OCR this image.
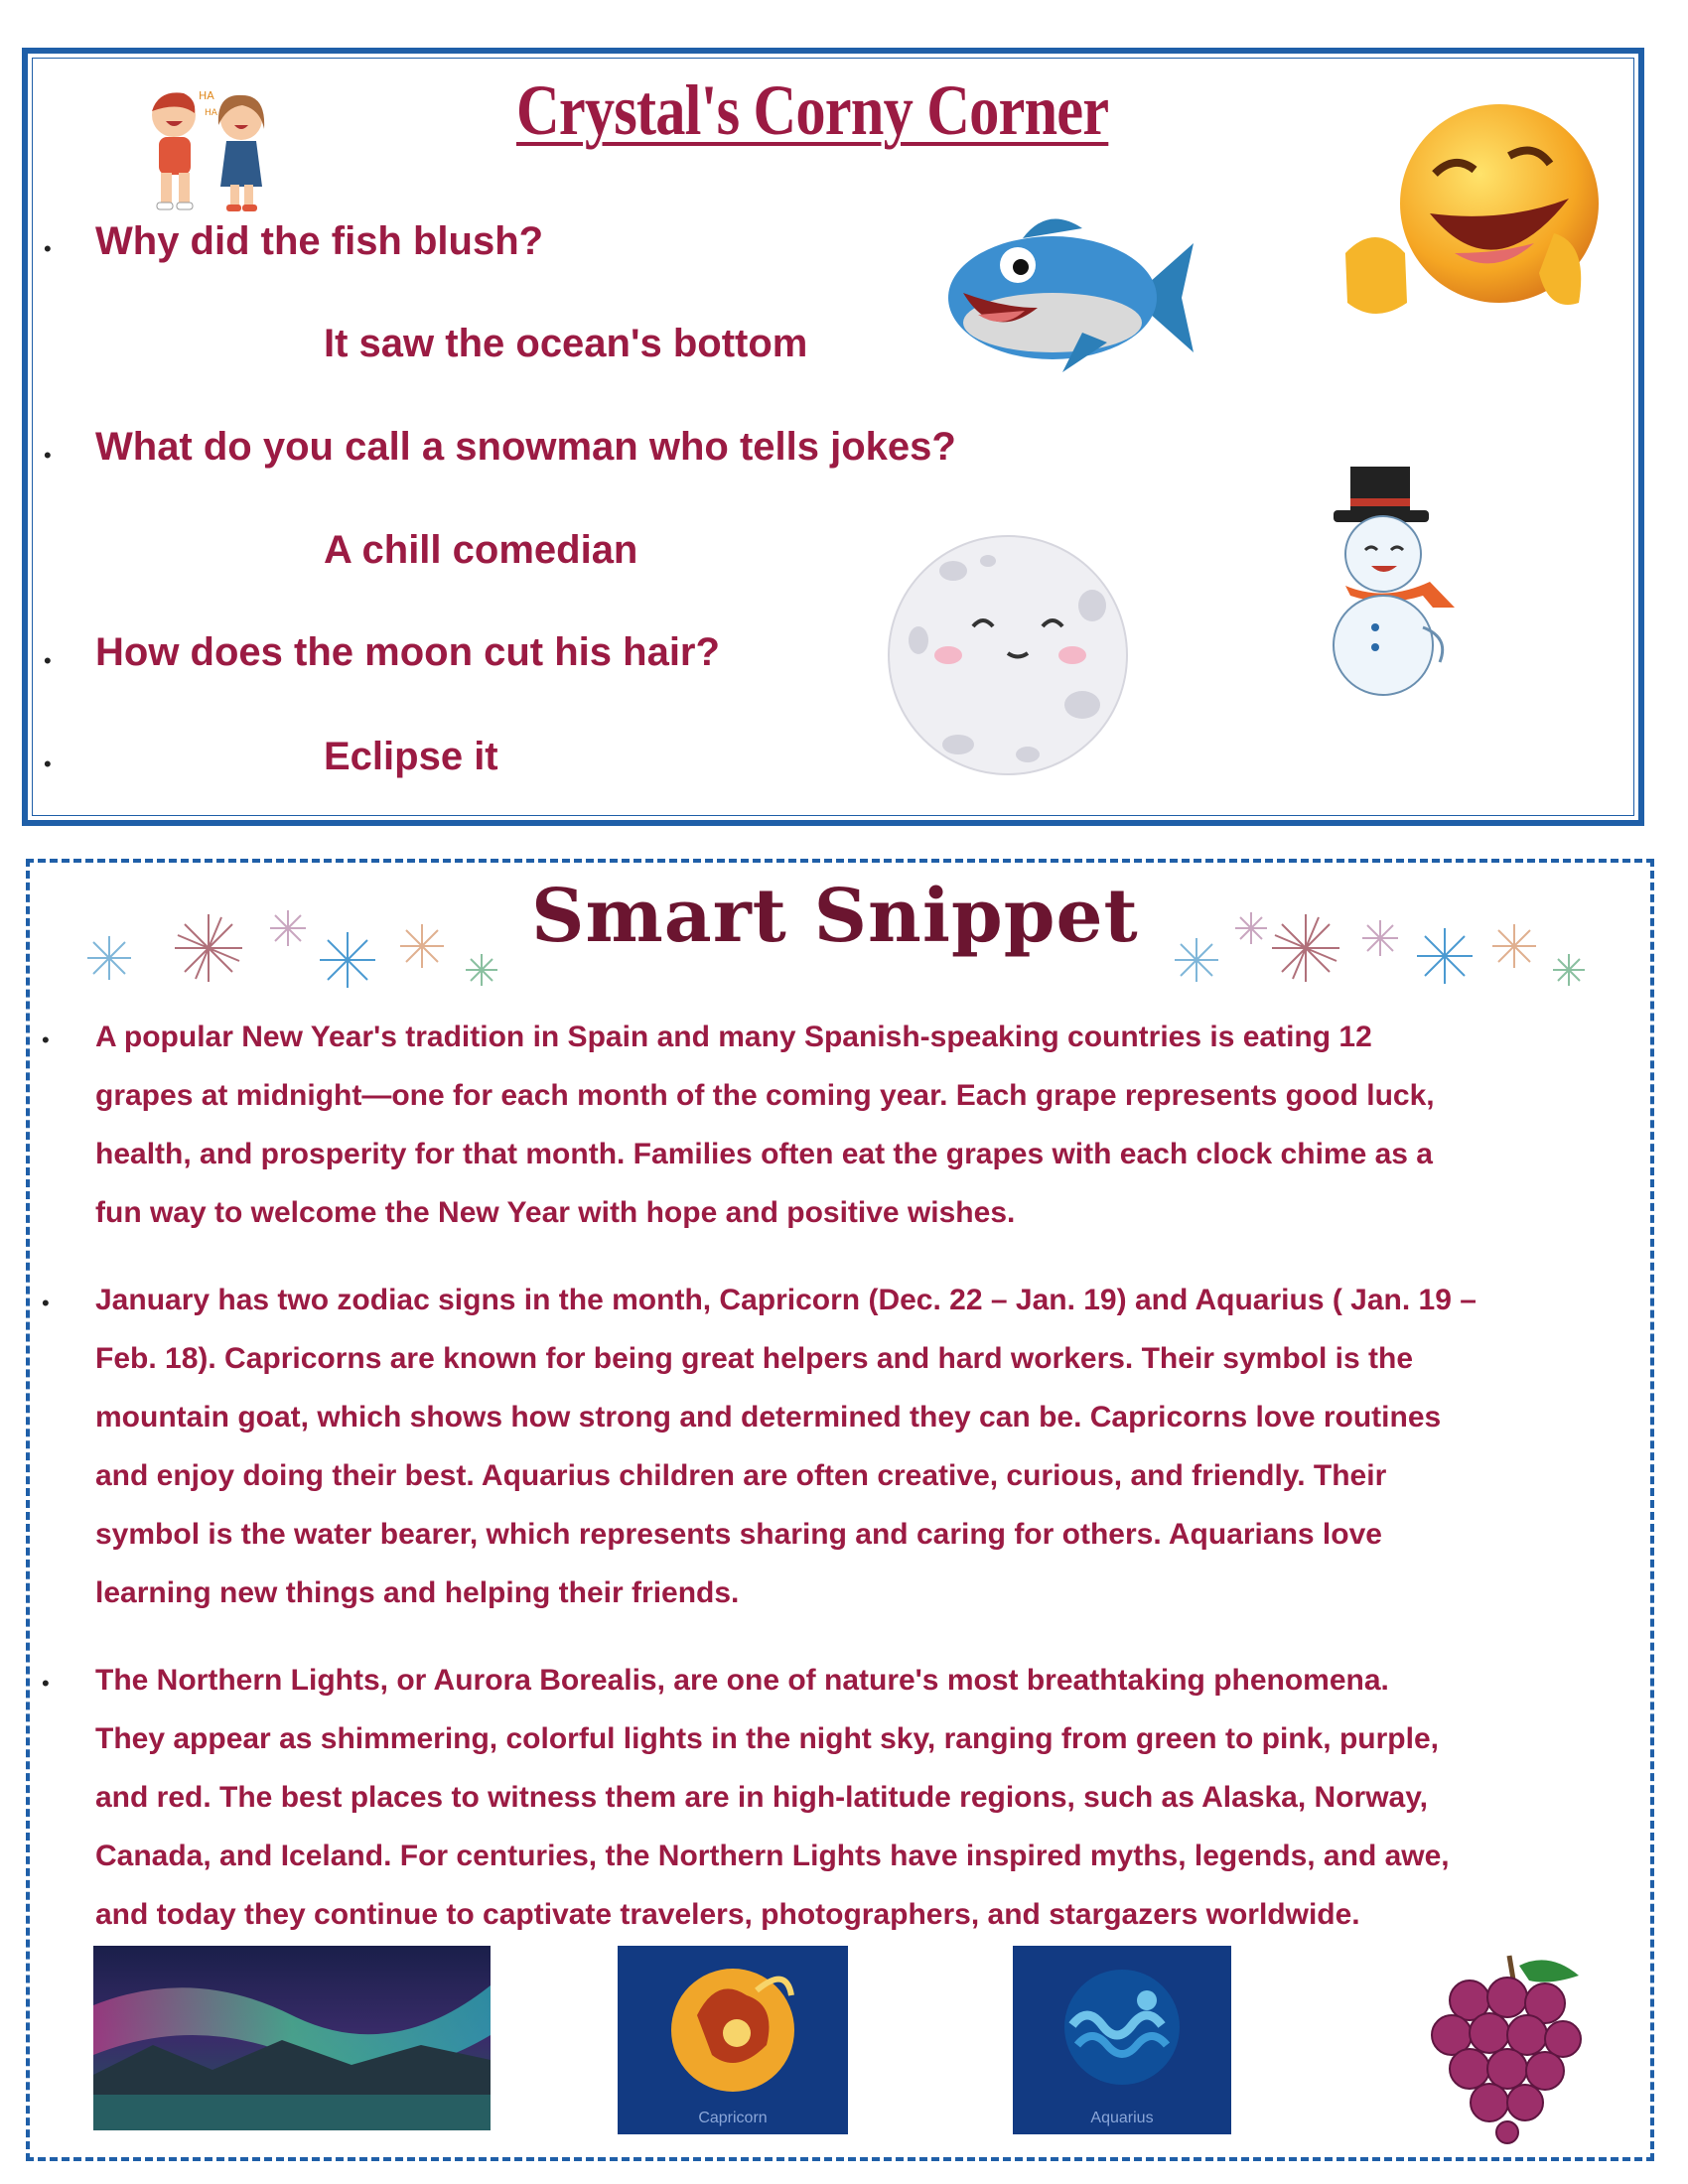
Crystal's Corny Corner
HA
HA
• Why did the fish blush?
It saw the ocean's bottom
• What do you call a snowman who tells jokes?
A chill comedian
• How does the moon cut his hair?
•	Eclipse it
Smart Snippet
• A popular New Year's tradition in Spain and many Spanish-speaking countries is eating 12
grapes at midnight—one for each month of the coming year. Each grape represents good luck,
health, and prosperity for that month. Families often eat the grapes with each clock chime as a
fun way to welcome the New Year with hope and positive wishes.
• January has two zodiac signs in the month, Capricorn (Dec. 22 – Jan. 19) and Aquarius ( Jan. 19 –
Feb. 18). Capricorns are known for being great helpers and hard workers. Their symbol is the
mountain goat, which shows how strong and determined they can be. Capricorns love routines
and enjoy doing their best. Aquarius children are often creative, curious, and friendly. Their
symbol is the water bearer, which represents sharing and caring for others. Aquarians love
learning new things and helping their friends.
• The Northern Lights, or Aurora Borealis, are one of nature's most breathtaking phenomena.
They appear as shimmering, colorful lights in the night sky, ranging from green to pink, purple,
and red. The best places to witness them are in high-latitude regions, such as Alaska, Norway,
Canada, and Iceland. For centuries, the Northern Lights have inspired myths, legends, and awe,
and today they continue to captivate travelers, photographers, and stargazers worldwide.
Capricorn	Aquarius
